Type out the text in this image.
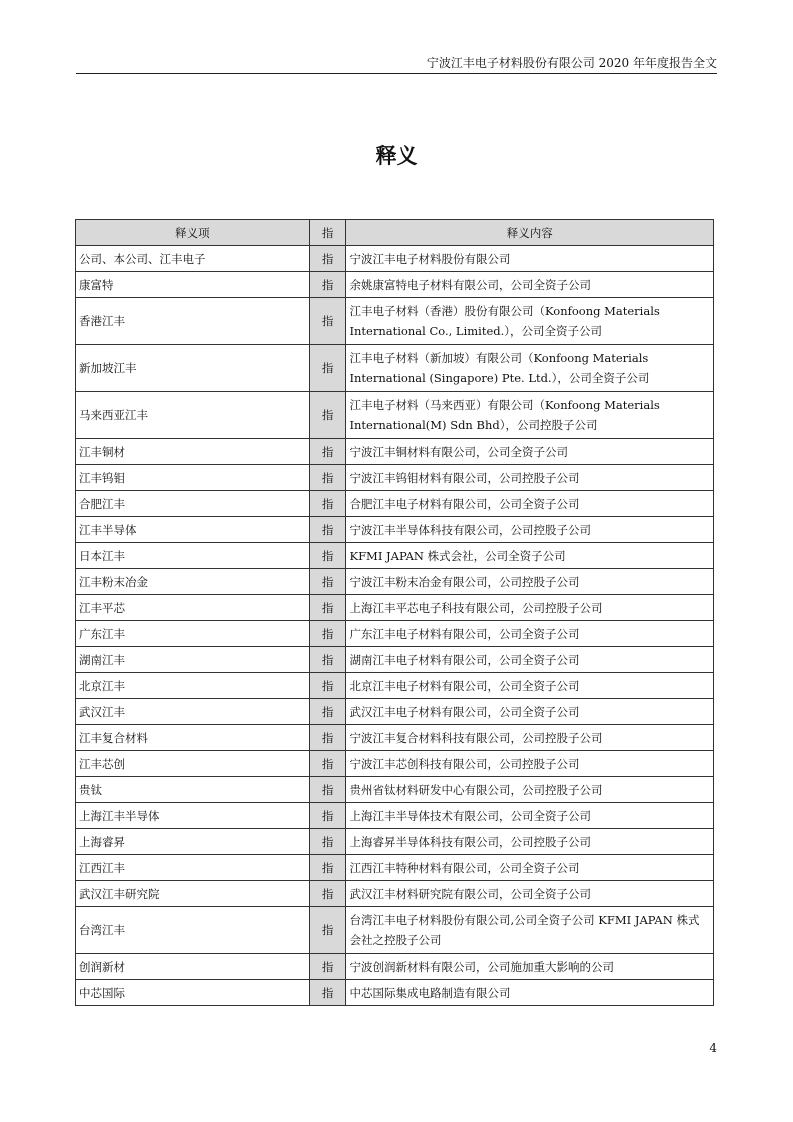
宁波江丰电子材料股份有限公司 2020 年年度报告全文
释义
释义项	指	释义内容
公司、本公司、江丰电子	指	宁波江丰电子材料股份有限公司
康富特	指	余姚康富特电子材料有限公司，公司全资子公司
香港江丰	指	江丰电子材料（香港）股份有限公司（Konfoong Materials International Co., Limited.），公司全资子公司
新加坡江丰	指	江丰电子材料（新加坡）有限公司（Konfoong Materials International (Singapore) Pte. Ltd.），公司全资子公司
马来西亚江丰	指	江丰电子材料（马来西亚）有限公司（Konfoong Materials International(M) Sdn Bhd），公司控股子公司
江丰铜材	指	宁波江丰铜材料有限公司，公司全资子公司
江丰钨钼	指	宁波江丰钨钼材料有限公司，公司控股子公司
合肥江丰	指	合肥江丰电子材料有限公司，公司全资子公司
江丰半导体	指	宁波江丰半导体科技有限公司，公司控股子公司
日本江丰	指	KFMI JAPAN 株式会社，公司全资子公司
江丰粉末冶金	指	宁波江丰粉末冶金有限公司，公司控股子公司
江丰平芯	指	上海江丰平芯电子科技有限公司，公司控股子公司
广东江丰	指	广东江丰电子材料有限公司，公司全资子公司
湖南江丰	指	湖南江丰电子材料有限公司，公司全资子公司
北京江丰	指	北京江丰电子材料有限公司，公司全资子公司
武汉江丰	指	武汉江丰电子材料有限公司，公司全资子公司
江丰复合材料	指	宁波江丰复合材料科技有限公司，公司控股子公司
江丰芯创	指	宁波江丰芯创科技有限公司，公司控股子公司
贵钛	指	贵州省钛材料研发中心有限公司，公司控股子公司
上海江丰半导体	指	上海江丰半导体技术有限公司，公司全资子公司
上海睿昇	指	上海睿昇半导体科技有限公司，公司控股子公司
江西江丰	指	江西江丰特种材料有限公司，公司全资子公司
武汉江丰研究院	指	武汉江丰材料研究院有限公司，公司全资子公司
台湾江丰	指	台湾江丰电子材料股份有限公司,公司全资子公司 KFMI JAPAN 株式会社之控股子公司
创润新材	指	宁波创润新材料有限公司，公司施加重大影响的公司
中芯国际	指	中芯国际集成电路制造有限公司
4
